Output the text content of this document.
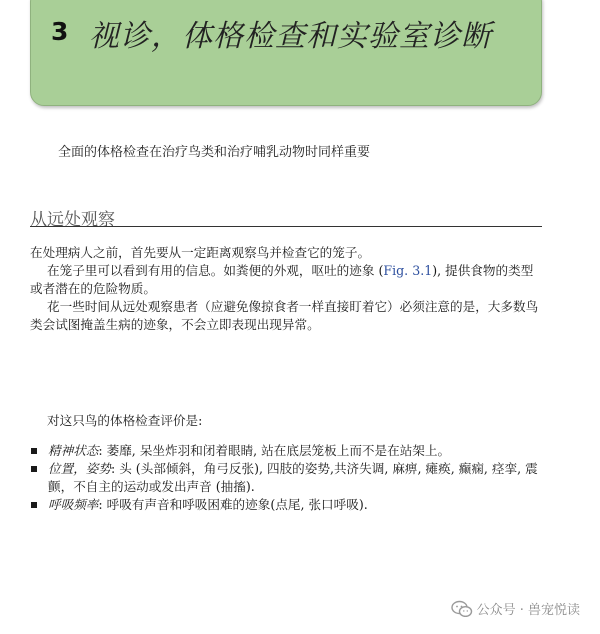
3 视诊，体格检查和实验室诊断
全面的体格检查在治疗鸟类和治疗哺乳动物时同样重要
从远处观察

在处理病人之前，首先要从一定距离观察鸟并检查它的笼子。

在笼子里可以看到有用的信息。如粪便的外观，呕吐的迹象 (Fig. 3.1), 提供食物的类型或者潜在的危险物质。

花一些时间从远处观察患者（应避免像掠食者一样直接盯着它）必须注意的是，大多数鸟类会试图掩盖生病的迹象，不会立即表现出现异常。

对这只鸟的体格检查评价是:
精神状态: 萎靡, 呆坐炸羽和闭着眼睛, 站在底层笼板上而不是在站架上。
位置，姿势: 头 (头部倾斜，角弓反张), 四肢的姿势,共济失调, 麻痹, 瘫痪, 癫痫, 痉挛, 震颤，不自主的运动或发出声音 (抽搐).
呼吸频率: 呼吸有声音和呼吸困难的迹象(点尾, 张口呼吸).
公众号 · 兽宠悦读
